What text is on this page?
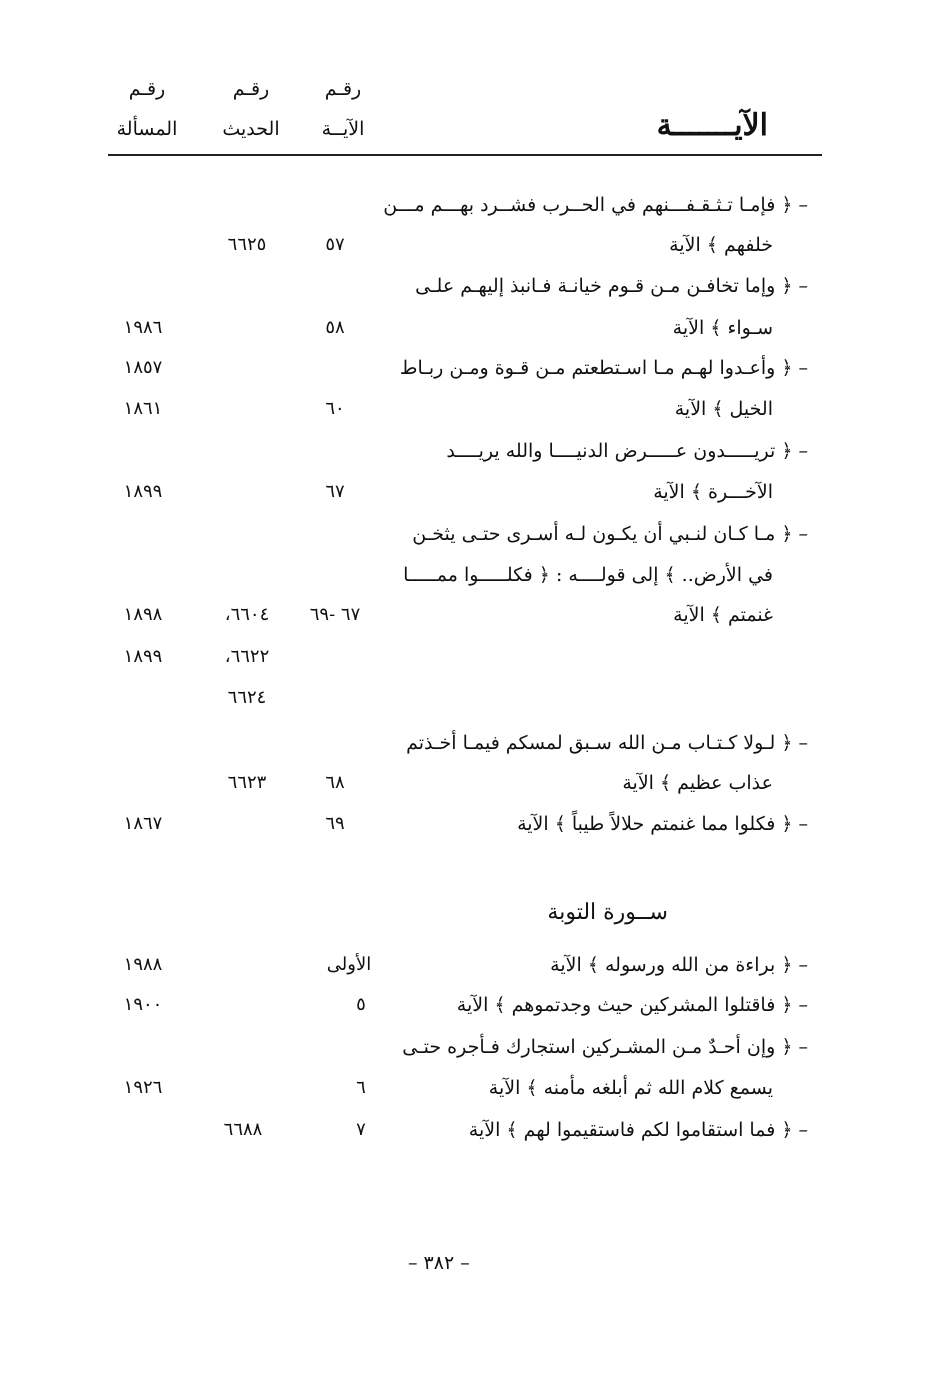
الآيـــــــة
رقـم
الآيــة
رقـم
الحديث
رقـم
المسألة
– ﴿ فإمـا تـثـقـفـــنهم في الحــرب فشــرد بهـــم مـــن
خلفهم ﴾ الآية
٥٧
٦٦٢٥
– ﴿ وإما تخافـن مـن قـوم خيانـة فـانبذ إليهـم علـى
سـواء ﴾ الآية
٥٨
١٩٨٦
– ﴿ وأعـدوا لهـم مـا اسـتطعتم مـن قـوة ومـن ربـاط
١٨٥٧
الخيل ﴾ الآية
٦٠
١٨٦١
– ﴿ تريـــــدون عـــــرض الدنيــــا والله يريــــد
الآخـــرة ﴾ الآية
٦٧
١٨٩٩
– ﴿ مـا كـان لنـبي أن يكـون لـه أسـرى حتـى يثخـن
في الأرض.. ﴾ إلى قولــــه : ﴿ فكلـــــوا ممـــــا
غنمتم ﴾ الآية
٦٧ -٦٩
٦٦٠٤،
١٨٩٨
٦٦٢٢،
١٨٩٩
٦٦٢٤
– ﴿ لـولا كـتـاب مـن الله سـبق لمسكم فيمـا أخـذتم
عذاب عظيم ﴾ الآية
٦٨
٦٦٢٣
– ﴿ فكلوا مما غنمتم حلالاً طيباً ﴾ الآية
٦٩
١٨٦٧
ســورة التوبة
– ﴿ براءة من الله ورسوله ﴾ الآية
الأولى
١٩٨٨
– ﴿ فاقتلوا المشركين حيث وجدتموهم ﴾ الآية
٥
١٩٠٠
– ﴿ وإن أحـدٌ مـن المشـركين استجارك فـأجره حتـى
يسمع كلام الله ثم أبلغه مأمنه ﴾ الآية
٦
١٩٢٦
– ﴿ فما استقاموا لكم فاستقيموا لهم ﴾ الآية
٧
٦٦٨٨
– ٣٨٢ –
